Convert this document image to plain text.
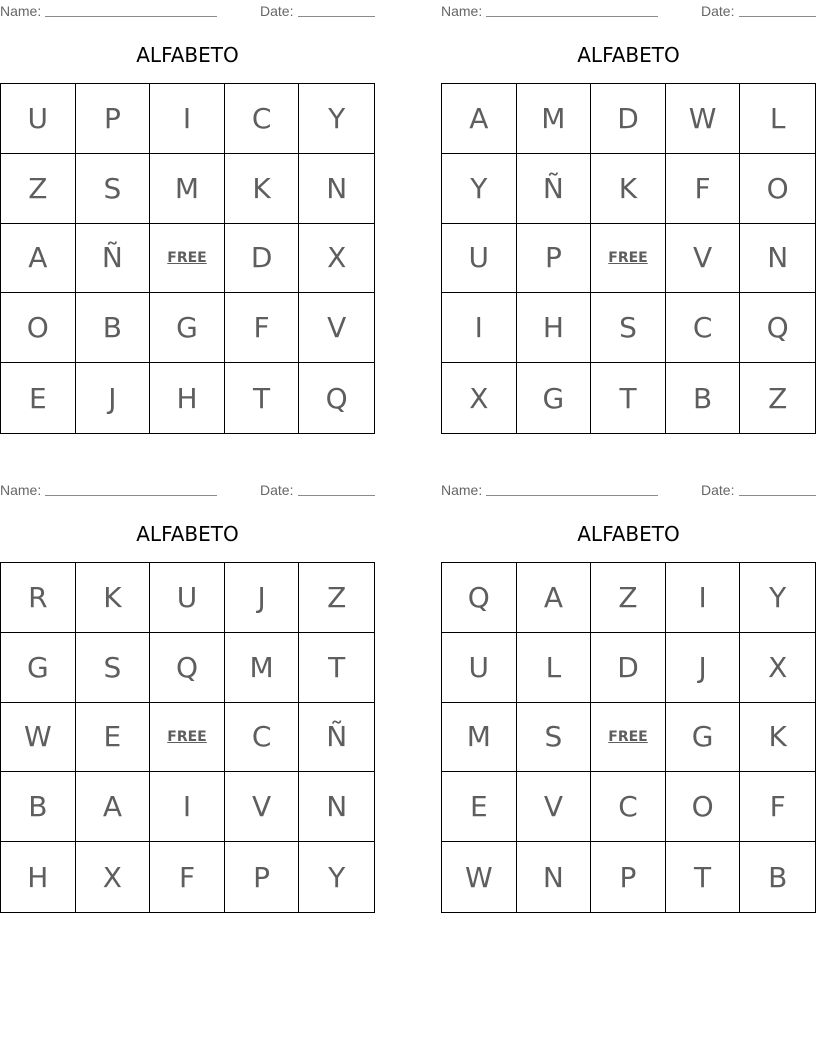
Name:	Date:
ALFABETO
U	P	I	C	Y
Z	S	M	K	N
A	Ñ	FREE	D	X
O	B	G	F	V
E	J	H	T	Q
Name:	Date:
ALFABETO
A	M	D	W	L
Y	Ñ	K	F	O
U	P	FREE	V	N
I	H	S	C	Q
X	G	T	B	Z
Name:	Date:
ALFABETO
R	K	U	J	Z
G	S	Q	M	T
W	E	FREE	C	Ñ
B	A	I	V	N
H	X	F	P	Y
Name:	Date:
ALFABETO
Q	A	Z	I	Y
U	L	D	J	X
M	S	FREE	G	K
E	V	C	O	F
W	N	P	T	B
